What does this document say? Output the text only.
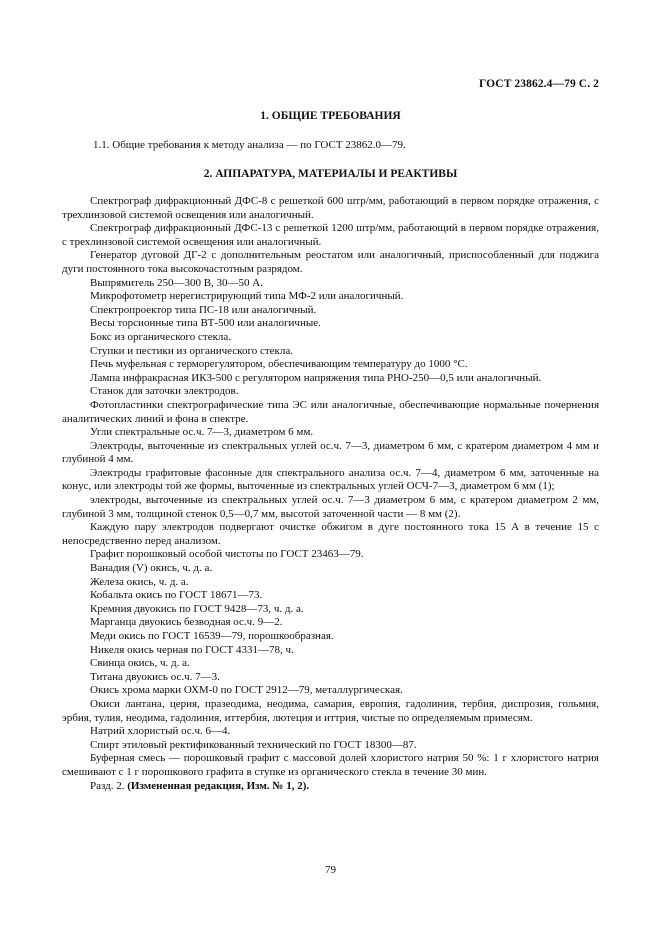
ГОСТ 23862.4—79 С. 2
1. ОБЩИЕ ТРЕБОВАНИЯ
1.1. Общие требования к методу анализа — по ГОСТ 23862.0—79.
2. АППАРАТУРА, МАТЕРИАЛЫ И РЕАКТИВЫ

Спектрограф дифракционный ДФС-8 с решеткой 600 штр/мм, работающий в первом порядке отражения, с трехлинзовой системой освещения или аналогичный.

Спектрограф дифракционный ДФС-13 с решеткой 1200 штр/мм, работающий в первом порядке отражения, с трехлинзовой системой освещения или аналогичный.

Генератор дуговой ДГ-2 с дополнительным реостатом или аналогичный, приспособленный для поджига дуги постоянного тока высокочастотным разрядом.

Выпрямитель 250—300 В, 30—50 А.

Микрофотометр нерегистрирующий типа МФ-2 или аналогичный.

Спектропроектор типа ПС-18 или аналогичный.

Весы торсионные типа ВТ-500 или аналогичные.

Бокс из органического стекла.

Ступки и пестики из органического стекла.

Печь муфельная с терморегулятором, обеспечивающим температуру до 1000 °С.

Лампа инфракрасная ИКЗ-500 с регулятором напряжения типа РНО-250—0,5 или аналогичный.

Станок для заточки электродов.

Фотопластинки спектрографические типа ЭС или аналогичные, обеспечивающие нормальные почернения аналитических линий и фона в спектре.

Угли спектральные ос.ч. 7—3, диаметром 6 мм.

Электроды, выточенные из спектральных углей ос.ч. 7—3, диаметром 6 мм, с кратером диаметром 4 мм и глубиной 4 мм.

Электроды графитовые фасонные для спектрального анализа ос.ч. 7—4, диаметром 6 мм, заточенные на конус, или электроды той же формы, выточенные из спектральных углей ОСЧ-7—3, диаметром 6 мм (1);

электроды, выточенные из спектральных углей ос.ч. 7—3 диаметром 6 мм, с кратером диаметром 2 мм, глубиной 3 мм, толщиной стенок 0,5—0,7 мм, высотой заточенной части — 8 мм (2).

Каждую пару электродов подвергают очистке обжигом в дуге постоянного тока 15 А в течение 15 с непосредственно перед анализом.

Графит порошковый особой чистоты по ГОСТ 23463—79.

Ванадия (V) окись, ч. д. а.

Железа окись, ч. д. а.

Кобальта окись по ГОСТ 18671—73.

Кремния двуокись по ГОСТ 9428—73, ч. д. а.

Марганца двуокись безводная ос.ч. 9—2.

Меди окись по ГОСТ 16539—79, порошкообразная.

Никеля окись черная по ГОСТ 4331—78, ч.

Свинца окись, ч. д. а.

Титана двуокись ос.ч. 7—3.

Окись хрома марки ОХМ-0 по ГОСТ 2912—79, металлургическая.

Окиси лантана, церия, празеодима, неодима, самария, европия, гадолиния, тербия, диспрозия, гольмия, эрбия, тулия, неодима, гадолиния, иттербия, лютеция и иттрия, чистые по определяемым примесям.

Натрий хлористый ос.ч. 6—4.

Спирт этиловый ректификованный технический по ГОСТ 18300—87.

Буферная смесь — порошковый графит с массовой долей хлористого натрия 50 %: 1 г хлористого натрия смешивают с 1 г порошкового графита в ступке из органического стекла в течение 30 мин.

Разд. 2. (Измененная редакция, Изм. № 1, 2).

79
